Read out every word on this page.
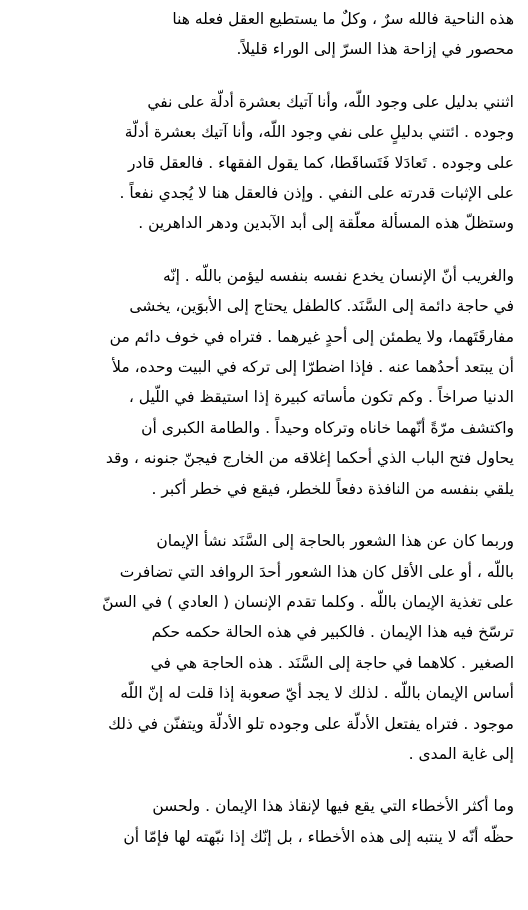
هذه الناحية فالله سرٌ ، وكلٌ ما يستطيع العقل فعله هنا
محصور في إزاحة هذا السرّ إلى الوراء قليلاً.

اثنني بدليل على وجود اللّه، وأنا آتيك بعشرة أدلّة على نفي
وجوده . ائتني بدليلٍ على نفي وجود اللّه، وأنا آتيك بعشرة أدلّة
على وجوده . تَعادَلا فَتَساقَطا، كما يقول الفقهاء . فالعقل قادر
على الإثبات قدرته على النفي . وإذن فالعقل هنا لا يُجدي نفعاً .
وستظلّ هذه المسألة معلّقة إلى أبد الآبدين ودهر الداهرين .

والغريب أنّ الإنسان يخدع نفسه بنفسه ليؤمن باللّه . إنّه
في حاجة دائمة إلى السَّنَد. كالطفل يحتاج إلى الأبوَين، يخشى
مفارقَتَهما، ولا يطمئن إلى أحدٍ غيرهما . فتراه في خوف دائم من
أن يبتعد أحدُهما عنه . فإذا اضطرّا إلى تركه في البيت وحده، ملأ
الدنيا صراخاً . وكم تكون مأساته كبيرة إذا استيقظ في اللّيل ،
واكتشف مرّةً أنّهما خاناه وتركاه وحيداً . والطامة الكبرى أن
يحاول فتح الباب الذي أحكما إغلاقه من الخارج فيجنّ جنونه ، وقد
يلقي بنفسه من النافذة دفعاً للخطر، فيقع في خطر أكبر .

وربما كان عن هذا الشعور بالحاجة إلى السَّنَد نشأ الإيمان
باللّه ، أو على الأقل كان هذا الشعور أحدَ الروافد التي تضافرت
على تغذية الإيمان باللّه . وكلما تقدم الإنسان ( العادي ) في السنّ
ترسّخ فيه هذا الإيمان . فالكبير في هذه الحالة حكمه حكم
الصغير . كلاهما في حاجة إلى السَّنَد . هذه الحاجة هي في
أساس الإيمان باللّه . لذلك لا يجد أيّ صعوبة إذا قلت له إنّ اللّه
موجود . فتراه يفتعل الأدلّة على وجوده تلو الأدلّة ويتفنّن في ذلك
إلى غاية المدى .

وما أكثر الأخطاء التي يقع فيها لإنقاذ هذا الإيمان . ولحسن
حظّه أنّه لا ينتبه إلى هذه الأخطاء ، بل إنّك إذا نبّهته لها فإمّا أن
